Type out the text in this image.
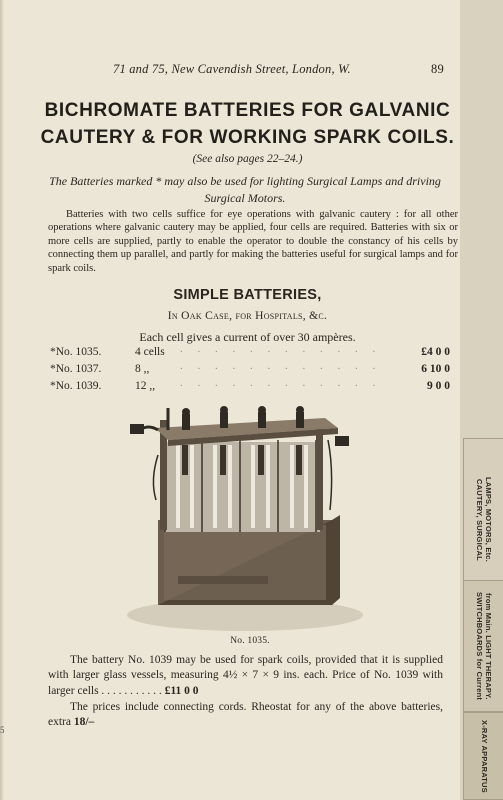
71 and 75, New Cavendish Street, London, W.	89
BICHROMATE BATTERIES FOR GALVANIC
CAUTERY & FOR WORKING SPARK COILS.
(See also pages 22–24.)
The Batteries marked * may also be used for lighting Surgical Lamps and driving
Surgical Motors.
Batteries with two cells suffice for eye operations with galvanic cautery : for all other operations where galvanic cautery may be applied, four cells are required. Batteries with six or more cells are supplied, partly to enable the operator to double the constancy of his cells by connecting them up parallel, and partly for making the batteries useful for surgical lamps and for spark coils.
SIMPLE BATTERIES,
In Oak Case, for Hospitals, &c.
Each cell gives a current of over 30 ampères.
*No. 1035.	4 cells . . . . . . . . . . . .	£4 0 0
*No. 1037.	8 ,,	. . . . . . . . . . . .	6 10 0
*No. 1039.	12 ,, . . . . . . . . . . . .	9 0 0
No. 1035.
The battery No. 1039 may be used for spark coils, provided that it is supplied with larger glass vessels, measuring 4½ × 7 × 9 ins. each. Price of No. 1039 with larger cells . . . . . . . . . . . £11 0 0
The prices include connecting cords. Rheostat for any of the above batteries, extra 18/–
5
CAUTERY, SURGICAL LAMPS, MOTORS, Etc.
SWITCHBOARDS for Current from Main. LIGHT THERAPY.
X-RAY APPARATUS
